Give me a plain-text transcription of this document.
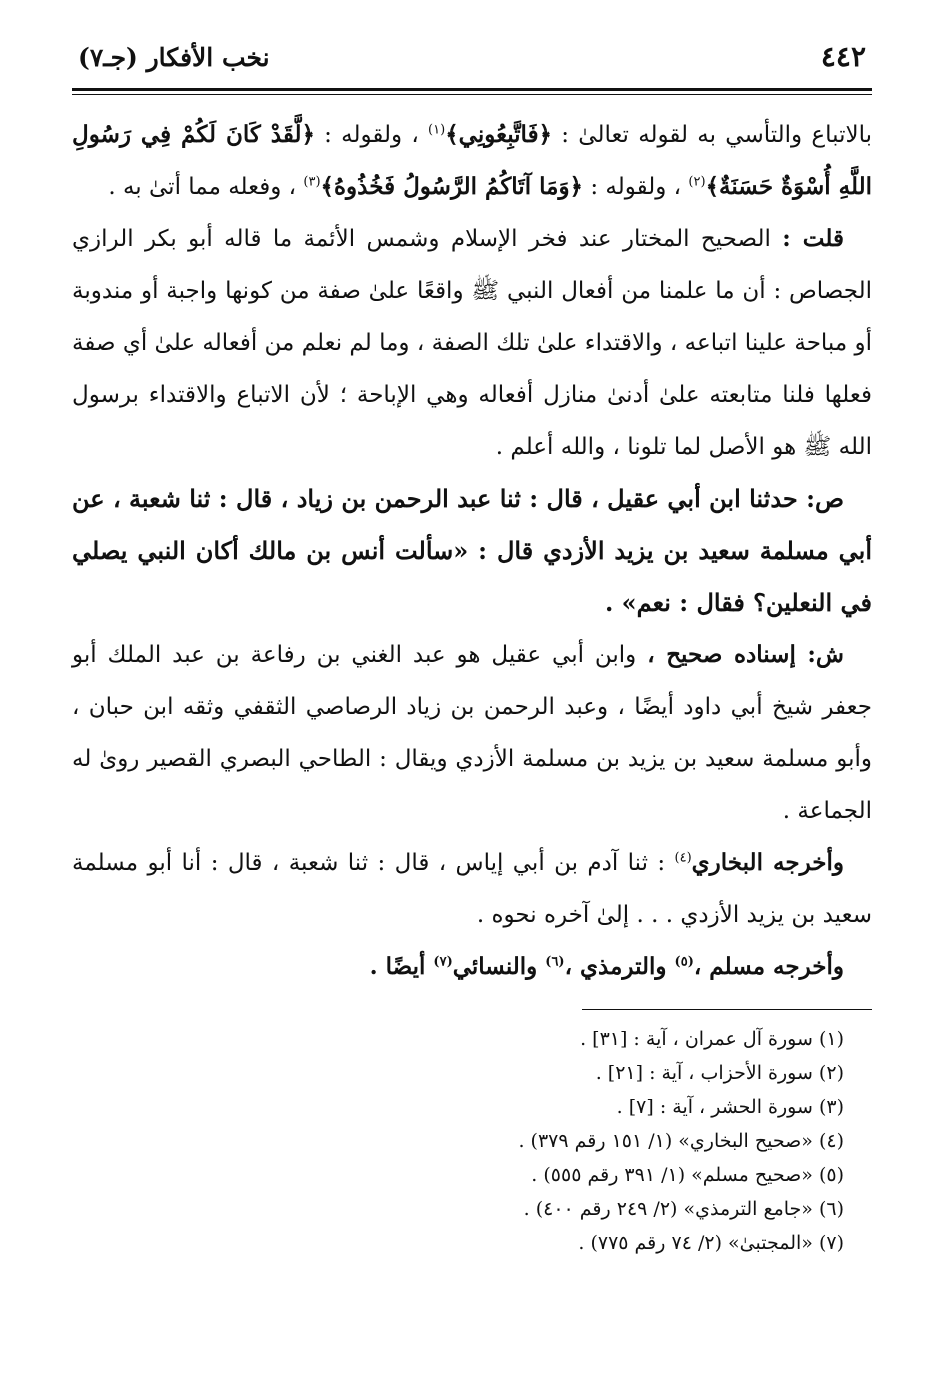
٤٤٢
نخب الأفكار (جـ٧)

بالاتباع والتأسي به لقوله تعالىٰ : ﴿فَاتَّبِعُونِي﴾$^{(١)}$ ، ولقوله : ﴿لَّقَدْ كَانَ لَكُمْ فِي رَسُولِ اللَّهِ أُسْوَةٌ حَسَنَةٌ﴾$^{(٢)}$ ، ولقوله : ﴿وَمَا آتَاكُمُ الرَّسُولُ فَخُذُوهُ﴾$^{(٣)}$ ، وفعله مما أتىٰ به .

قلت : الصحيح المختار عند فخر الإسلام وشمس الأئمة ما قاله أبو بكر الرازي الجصاص : أن ما علمنا من أفعال النبي ﷺ واقعًا علىٰ صفة من كونها واجبة أو مندوبة أو مباحة علينا اتباعه ، والاقتداء علىٰ تلك الصفة ، وما لم نعلم من أفعاله علىٰ أي صفة فعلها فلنا متابعته علىٰ أدنىٰ منازل أفعاله وهي الإباحة ؛ لأن الاتباع والاقتداء برسول الله ﷺ هو الأصل لما تلونا ، والله أعلم .

ص: حدثنا ابن أبي عقيل ، قال : ثنا عبد الرحمن بن زياد ، قال : ثنا شعبة ، عن أبي مسلمة سعيد بن يزيد الأزدي قال : «سألت أنس بن مالك أكان النبي يصلي في النعلين؟ فقال : نعم» .

ش: إسناده صحيح ، وابن أبي عقيل هو عبد الغني بن رفاعة بن عبد الملك أبو جعفر شيخ أبي داود أيضًا ، وعبد الرحمن بن زياد الرصاصي الثقفي وثقه ابن حبان ، وأبو مسلمة سعيد بن يزيد بن مسلمة الأزدي ويقال : الطاحي البصري القصير روىٰ له الجماعة .

وأخرجه البخاري$^{(٤)}$ : ثنا آدم بن أبي إياس ، قال : ثنا شعبة ، قال : أنا أبو مسلمة سعيد بن يزيد الأزدي . . . إلىٰ آخره نحوه .

وأخرجه مسلم ،$^{(٥)}$ والترمذي ،$^{(٦)}$ والنسائي$^{(٧)}$ أيضًا .

(١) سورة آل عمران ، آية : [٣١] .

(٢) سورة الأحزاب ، آية : [٢١] .

(٣) سورة الحشر ، آية : [٧] .

(٤) «صحيح البخاري» (١/ ١٥١ رقم ٣٧٩) .

(٥) «صحيح مسلم» (١/ ٣٩١ رقم ٥٥٥) .

(٦) «جامع الترمذي» (٢/ ٢٤٩ رقم ٤٠٠) .

(٧) «المجتبىٰ» (٢/ ٧٤ رقم ٧٧٥) .
